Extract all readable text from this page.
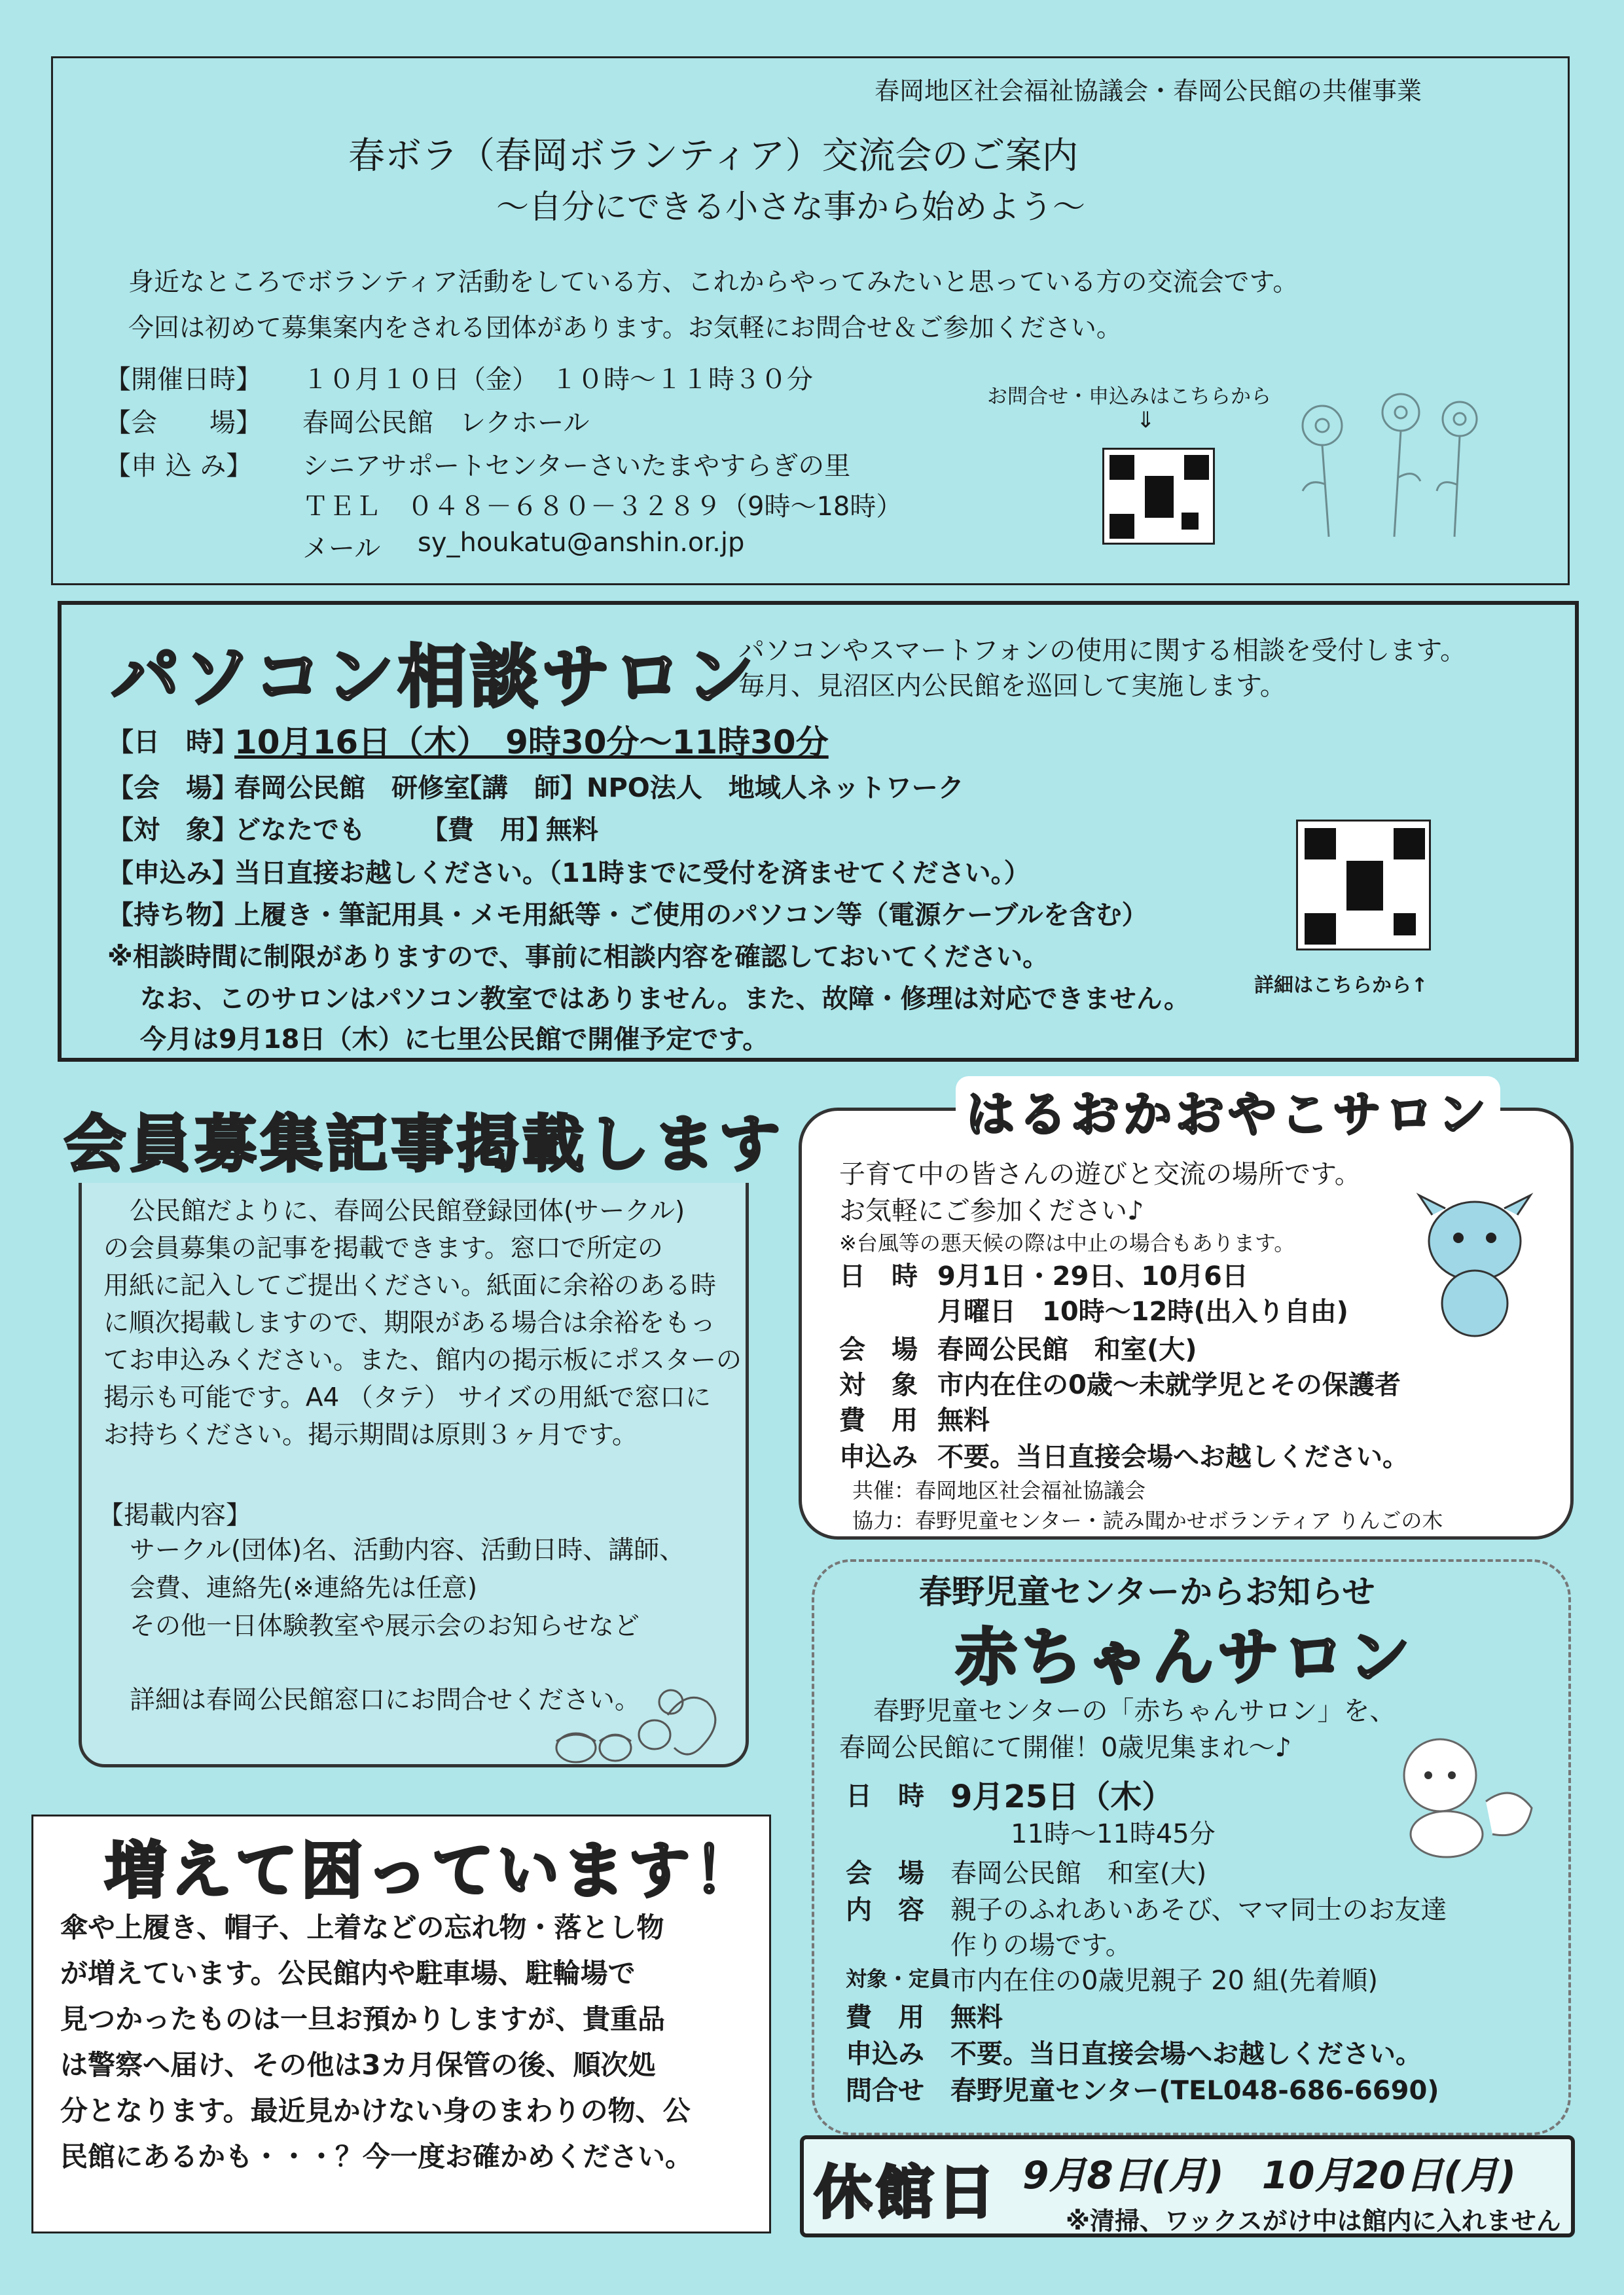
春岡地区社会福祉協議会・春岡公民館の共催事業
春ボラ（春岡ボランティア）交流会のご案内
～自分にできる小さな事から始めよう～
身近なところでボランティア活動をしている方、これからやってみたいと思っている方の交流会です。
今回は初めて募集案内をされる団体があります。お気軽にお問合せ＆ご参加ください。
【開催日時】 １０月１０日（金）　１０時～１１時３０分
【会　　場】 春岡公民館　レクホール
【申 込 み】 シニアサポートセンターさいたまやすらぎの里
ＴＥＬ　０４８－６８０－３２８９（9時～18時）
メール sy_houkatu@anshin.or.jp
お問合せ・申込みはこちらから
⇓
パソコン相談サロン
パソコンやスマートフォンの使用に関する相談を受付します。
毎月、見沼区内公民館を巡回して実施します。
【日　時】
10月16日（木）　9時30分～11時30分
【会　場】
春岡公民館　研修室
【講　師】 NPO法人　地域人ネットワーク
【対　象】
どなたでも 【費　用】
無料
【申込み】
当日直接お越しください。（11時までに受付を済ませてください。）
【持ち物】
上履き・筆記用具・メモ用紙等・ご使用のパソコン等（電源ケーブルを含む）
※相談時間に制限がありますので、事前に相談内容を確認しておいてください。
なお、このサロンはパソコン教室ではありません。また、故障・修理は対応できません。
今月は9月18日（木）に七里公民館で開催予定です。
詳細はこちらから↑
会員募集記事掲載します
公民館だよりに、春岡公民館登録団体(サークル)
の会員募集の記事を掲載できます。窓口で所定の
用紙に記入してご提出ください。紙面に余裕のある時
に順次掲載しますので、期限がある場合は余裕をもっ
てお申込みください。また、館内の掲示板にポスターの
掲示も可能です。A4 （タテ） サイズの用紙で窓口に
お持ちください。掲示期間は原則３ヶ月です。
【掲載内容】
サークル(団体)名、活動内容、活動日時、講師、
会費、連絡先(※連絡先は任意)
その他一日体験教室や展示会のお知らせなど
詳細は春岡公民館窓口にお問合せください。
はるおかおやこサロン
子育て中の皆さんの遊びと交流の場所です。
お気軽にご参加ください♪
※台風等の悪天候の際は中止の場合もあります。
日　時 9月1日・29日、10月6日
月曜日　10時～12時(出入り自由)
会　場 春岡公民館　和室(大)
対　象 市内在住の0歳～未就学児とその保護者
費　用 無料
申込み 不要。当日直接会場へお越しください。
共催：春岡地区社会福祉協議会
協力：春野児童センター・読み聞かせボランティア りんごの木
増えて困っています！
傘や上履き、帽子、上着などの忘れ物・落とし物
が増えています。公民館内や駐車場、駐輪場で
見つかったものは一旦お預かりしますが、貴重品
は警察へ届け、その他は3カ月保管の後、順次処
分となります。最近見かけない身のまわりの物、公
民館にあるかも・・・？今一度お確かめください。
春野児童センターからお知らせ
赤ちゃんサロン
春野児童センターの「赤ちゃんサロン」を、
春岡公民館にて開催！0歳児集まれ～♪
日　時 9月25日（木）
11時～11時45分
会　場 春岡公民館　和室(大)
内　容 親子のふれあいあそび、ママ同士のお友達
作りの場です。
対象・定員 市内在住の0歳児親子 20 組(先着順)
費　用 無料
申込み 不要。当日直接会場へお越しください。
問合せ 春野児童センター(TEL048-686-6690)
休館日 9月8日(月)　10月20日(月)
※清掃、ワックスがけ中は館内に入れません
